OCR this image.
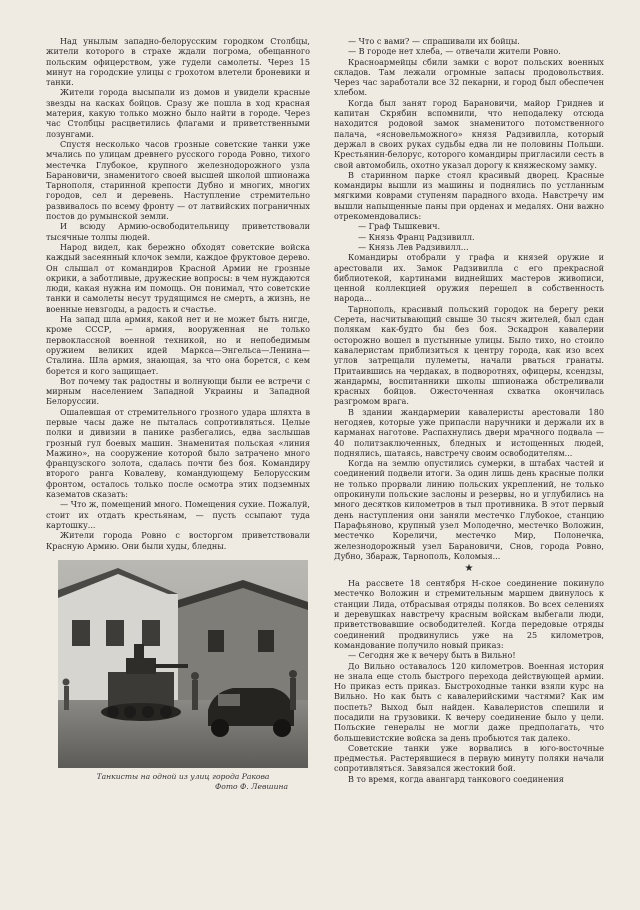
Над унылым западно-белорусским городком Столбцы, жители которого в страхе ждали погрома, обещанного польским офицерством, уже гудели самолеты. Через 15 минут на городские улицы с грохотом влетели броневики и танки.

Жители города высыпали из домов и увидели красные звезды на касках бойцов. Сразу же пошла в ход красная материя, какую только можно было найти в городе. Через час Столбцы расцветились флагами и приветственными лозунгами.

Спустя несколько часов грозные советские танки уже мчались по улицам древнего русского города Ровно, тихого местечка Глубокое, крупного железнодорожного узла Барановичи, знаменитого своей высшей школой шпионажа Тарнополя, старинной крепости Дубно и многих, многих городов, сел и деревень. Наступление стремительно развивалось по всему фронту — от латвийских пограничных постов до румынской земли.

И всюду Армию-освободительницу приветствовали тысячные толпы людей.

Народ видел, как бережно обходят советские войска каждый засеянный клочок земли, каждое фруктовое дерево. Он слышал от командиров Красной Армии не грозные окрики, а заботливые, дружеские вопросы: в чем нуждаются люди, какая нужна им помощь. Он понимал, что советские танки и самолеты несут трудящимся не смерть, а жизнь, не военные невзгоды, а радость и счастье.

На запад шла армия, какой нет и не может быть нигде, кроме СССР, — армия, вооруженная не только первоклассной военной техникой, но и непобедимым оружием великих идей Маркса—Энгельса—Ленина—Сталина. Шла армия, знающая, за что она борется, с кем борется и кого защищает.

Вот почему так радостны и волнующи были ее встречи с мирным населением Западной Украины и Западной Белоруссии.

Ошалевшая от стремительного грозного удара шляхта в первые часы даже не пыталась сопротивляться. Целые полки и дивизии в панике разбегались, едва заслышав грозный гул боевых машин. Знаменитая польская «линия Мажино», на сооружение которой было затрачено много французского золота, сдалась почти без боя. Командиру второго ранга Ковалеву, командующему Белорусским фронтом, осталось только после осмотра этих подземных казематов сказать:

— Что ж, помещений много. Помещения сухие. Пожалуй, стоит их отдать крестьянам, — пусть ссыпают туда картошку...

Жители города Ровно с восторгом приветствовали Красную Армию. Они были худы, бледны.

Танкисты на одной из улиц города Ракова
Фото Ф. Левшина

— Что с вами? — спрашивали их бойцы.

— В городе нет хлеба, — отвечали жители Ровно.

Красноармейцы сбили замки с ворот польских военных складов. Там лежали огромные запасы продовольствия. Через час заработали все 32 пекарни, и город был обеспечен хлебом.

Когда был занят город Барановичи, майор Гриднев и капитан Скрябин вспомнили, что неподалеку отсюда находится родовой замок знаменитого потомственного палача, «ясновельможного» князя Радзивилла, который держал в своих руках судьбы едва ли не половины Польши. Крестьянин-белорус, которого командиры пригласили сесть в свой автомобиль, охотно указал дорогу к княжескому замку.

В старинном парке стоял красивый дворец. Красные командиры вышли из машины и поднялись по устланным мягкими коврами ступеням парадного входа. Навстречу им вышли напыщенные паны при орденах и медалях. Они важно отрекомендовались:

— Граф Тышкевич.

— Князь Франц Радзивилл.

— Князь Лев Радзивилл...

Командиры отобрали у графа и князей оружие и арестовали их. Замок Радзивилла с его прекрасной библиотекой, картинами виднейших мастеров живописи, ценной коллекцией оружия перешел в собственность народа...

Тарнополь, красивый польский городок на берегу реки Серета, насчитывающий свыше 30 тысяч жителей, был сдан полякам как-будто бы без боя. Эскадрон кавалерии осторожно вошел в пустынные улицы. Было тихо, но стоило кавалеристам приблизиться к центру города, как изо всех углов затрещали пулеметы, начали рваться гранаты. Притаившись на чердаках, в подворотнях, офицеры, ксендзы, жандармы, воспитанники школы шпионажа обстреливали красных бойцов. Ожесточенная схватка окончилась разгромом врага.

В здании жандармерии кавалеристы арестовали 180 негодяев, которые уже припасли наручники и держали их в карманах наготове. Распахнулись двери мрачного подвала — 40 политзаключенных, бледных и истощенных людей, поднялись, шатаясь, навстречу своим освободителям...

Когда на землю опустились сумерки, в штабах частей и соединений подвели итоги. За один лишь день красные полки не только прорвали линию польских укреплений, не только опрокинули польские заслоны и резервы, но и углубились на много десятков километров в тыл противника. В этот первый день наступления они заняли местечко Глубокое, станцию Парафьяново, крупный узел Молодечно, местечко Воложин, местечко Кореличи, местечко Мир, Полонечка, железнодорожный узел Барановичи, Снов, города Ровно, Дубно, Збараж, Тарнополь, Коломыя...

★

На рассвете 18 сентября Н-ское соединение покинуло местечко Воложин и стремительным маршем двинулось к станции Лида, отбрасывая отряды поляков. Во всех селениях и деревушках навстречу красным войскам выбегали люди, приветствовавшие освободителей. Когда передовые отряды соединений продвинулись уже на 25 километров, командование получило новый приказ:

— Сегодня же к вечеру быть в Вильно!

До Вильно оставалось 120 километров. Военная история не знала еще столь быстрого перехода действующей армии. Но приказ есть приказ. Быстроходные танки взяли курс на Вильно. Но как быть с кавалерийскими частями? Как им поспеть? Выход был найден. Кавалеристов спешили и посадили на грузовики. К вечеру соединение было у цели. Польские генералы не могли даже предполагать, что большевистские войска за день пробьются так далеко.

Советские танки уже ворвались в юго-восточные предместья. Растерявшиеся в первую минуту поляки начали сопротивляться. Завязался жестокий бой.

В то время, когда авангард танкового соединения
